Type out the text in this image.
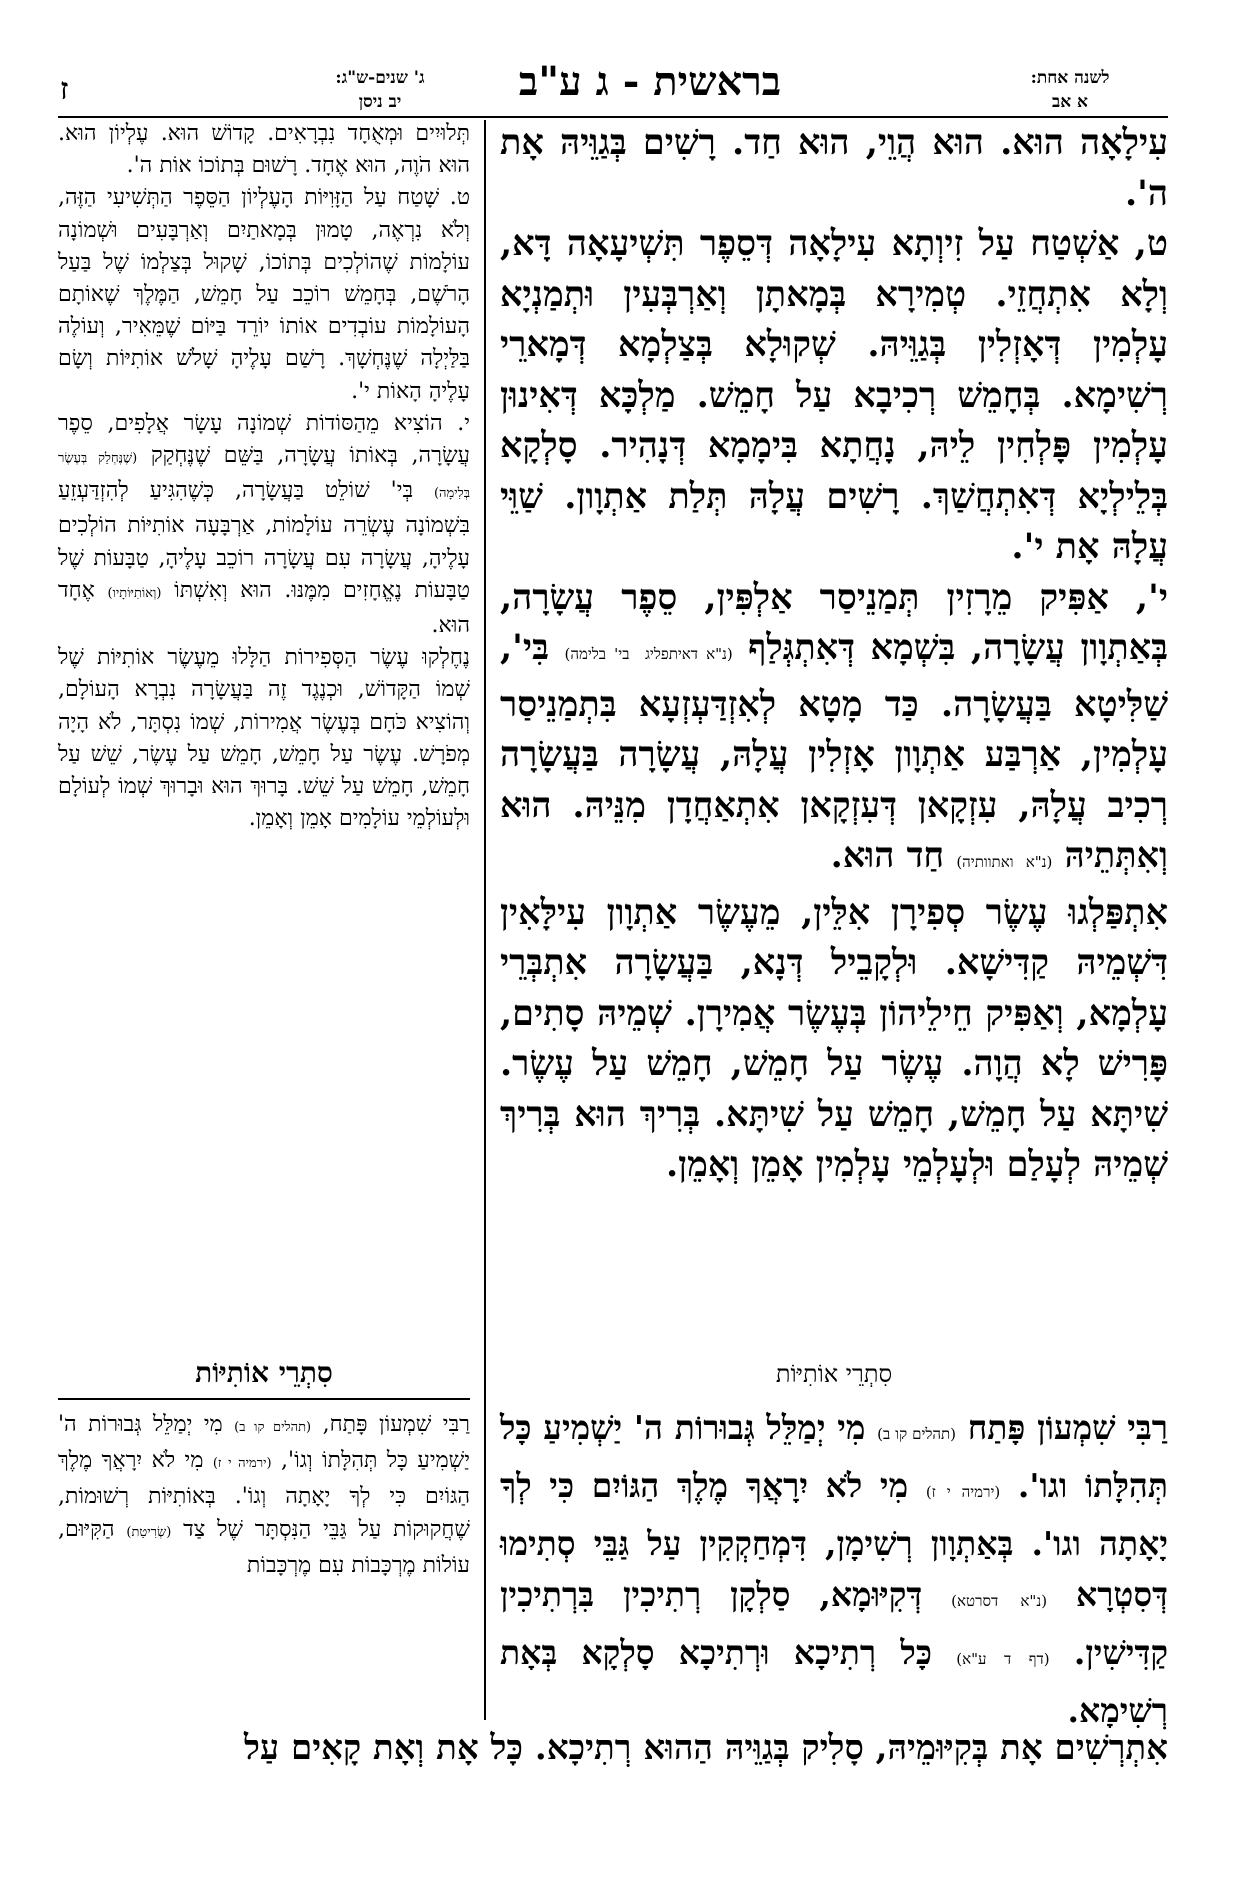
ז	ג' שנים-ש"ג:
יב ניסן	בראשית - ג ע"ב	לשנה אחת:
א אב

עִילָאָה הוּא. הוּא הֲוֵי, הוּא חַד. רָשִׁים בְּגַוֵּיהּ אָת ה'.

ט, אַשְׁטַח עַל זִיוְתָא עִילָאָה דְּסֵפֶר תִּשְׁיעָאָה דָּא, וְלָא אִתְחֲזֵי. טְמִירָא בְּמָאתָן וְאַרְבְּעִין וּתְמַנְיָא עָלְמִין דְּאָזְלִין בְּגַוֵּיהּ. שְׁקוּלָא בְּצַלְמָא דְּמָארֵי רְשִׁימָא. בְּחָמֵשׁ רְכִיבָא עַל חָמֵשׁ. מַלְכָּא דְּאִינוּן עָלְמִין פָּלְחִין לֵיהּ, נָחֲתָא בִּימָמָא דְּנָהִיר. סָלְקָא בְּלֵילְיָא דְּאִתְחֲשַׁךְ. רָשִׁים עֲלָהּ תְּלַת אַתְוָון. שַׁוֵּי עֲלָהּ אָת י'.

י', אַפִּיק מֵרָזִין תְּמַנֵיסַר אַלְפִּין, סֵפֶר עֲשָׂרָה, בְּאַתְוָון עֲשָׂרָה, בִּשְׁמָא דְּאִתְגְּלַף (נ"א דאיתפליג בי' בלימה) בִּי', שַׁלִּיטָא בַּעֲשָׂרָה. כַּד מָטָא לְאִזְדַּעְזְעָא בִּתְמַנֵיסַר עָלְמִין, אַרְבַּע אַתְוָון אָזְלִין עֲלָהּ, עֲשָׂרָה בַּעֲשָׂרָה רְכִיב עֲלָהּ, עִזְקָאן דְּעִזְקָאן אִתְאַחֲדָן מִנֵּיהּ. הוּא וְאִתְּתֵיהּ (נ"א ואתוותיה) חַד הוּא.

אִתְפַּלְגוּ עֶשֶׂר סְפִירָן אִלֵּין, מֵעֶשֶׂר אַתְוָון עִילָּאִין דִּשְׁמֵיהּ קַדִּישָׁא. וּלְקָבֵיל דְּנָא, בַּעֲשָׂרָה אִתְבְּרֵי עָלְמָא, וְאַפִּיק חֵילֵיהוֹן בְּעֶשֶׂר אֲמִירָן. שְׁמֵיהּ סָתִים, פָּרִישׁ לָא הֲוָה. עֶשֶׂר עַל חָמֵשׁ, חָמֵשׁ עַל עֶשֶׂר. שִׁיתָּא עַל חָמֵשׁ, חָמֵשׁ עַל שִׁיתָּא. בְּרִיךְ הוּא בְּרִיךְ שְׁמֵיהּ לְעָלַם וּלְעָלְמֵי עָלְמִין אָמֵן וְאָמֵן.

תְּלוּיִים וּמְאֻחָד נִבְרָאִים. קָדוֹשׁ הוּא. עֶלְיוֹן הוּא. הוּא הֹוֶה, הוּא אֶחָד. רָשׁוּם בְּתוֹכוֹ אוֹת ה'.

ט. שָׁטַח עַל הַזָּוִיּוֹת הָעֶלְיוֹן הַסֵּפֶר הַתְּשִׁיעִי הַזֶּה, וְלֹא נִרְאֶה, טָמוּן בְּמָאתַיִם וְאַרְבָּעִים וּשְׁמוֹנָה עוֹלָמוֹת שֶׁהוֹלְכִים בְּתוֹכוֹ, שָׁקוּל בְּצַלְמוֹ שֶׁל בַּעַל הָרֹשֶׁם, בְּחָמֵשׁ רוֹכֵב עַל חָמֵשׁ, הַמֶּלֶךְ שֶׁאוֹתָם הָעוֹלָמוֹת עוֹבְדִים אוֹתוֹ יוֹרֵד בַּיּוֹם שֶׁמֵּאִיר, וְעוֹלֶה בַּלַּיְלָה שֶׁנֶּחְשָׁךְ. רָשַׁם עָלֶיהָ שָׁלֹשׁ אוֹתִיּוֹת וְשָׂם עָלֶיהָ הָאוֹת י'.

י. הוֹצִיא מֵהַסּוֹדוֹת שְׁמוֹנָה עָשָׂר אֲלָפִים, סֵפֶר עֲשָׂרָה, בְּאוֹתוֹ עֲשָׂרָה, בַּשֵּׁם שֶׁנֶּחְקַק (שֶׁנֶּחְלַק בְּעֶשֶׂר בְּלִימָה) בְּי' שׁוֹלֵט בַּעֲשָׂרָה, כְּשֶׁהִגִּיעַ לְהִזְדַּעְזֵעַ בִּשְׁמוֹנָה עֶשְׂרֵה עוֹלָמוֹת, אַרְבָּעָה אוֹתִיּוֹת הוֹלְכִים עָלֶיהָ, עֲשָׂרָה עִם עֲשָׂרָה רוֹכֵב עָלֶיהָ, טַבָּעוֹת שֶׁל טַבָּעוֹת נֶאֱחָזִים מִמֶּנּוּ. הוּא וְאִשְׁתּוֹ (וְאוֹתִיּוֹתָיו) אֶחָד הוּא.

נֶחֶלְקוּ עֶשֶׂר הַסְּפִירוֹת הַלָּלוּ מֵעֶשֶׂר אוֹתִיּוֹת שֶׁל שְׁמוֹ הַקָּדוֹשׁ, וּכְנֶגֶד זֶה בַּעֲשָׂרָה נִבְרָא הָעוֹלָם, וְהוֹצִיא כֹּחָם בְּעֶשֶׂר אֲמִירוֹת, שְׁמוֹ נִסְתָּר, לֹא הָיָה מְפֹרָשׁ. עֶשֶׂר עַל חָמֵשׁ, חָמֵשׁ עַל עֶשֶׂר, שֵׁשׁ עַל חָמֵשׁ, חָמֵשׁ עַל שֵׁשׁ. בָּרוּךְ הוּא וּבָרוּךְ שְׁמוֹ לְעוֹלָם וּלְעוֹלְמֵי עוֹלָמִים אָמֵן וְאָמֵן.

סִתְרֵי אוֹתִיּוֹת
סִתְרֵי אוֹתִיּוֹת

רַבִּי שִׁמְעוֹן פָּתַח (תהלים קו ב) מִי יְמַלֵּל גְּבוּרוֹת ה' יַשְׁמִיעַ כָּל תְּהִלָּתוֹ וגו'. (ירמיה י ז) מִי לֹא יִרָאֲךָ מֶלֶךְ הַגּוֹיִם כִּי לְךָ יָאָתָה וגו'. בְּאַתְוָון רְשִׁימָן, דִּמְחַקְקִין עַל גַּבֵּי סְתִימוּ דְּסִטְרָא (נ"א דסרטא) דְּקִיּוּמָא, סַלְקָן רְתִיכִין בִּרְתִיכִין קַדִּישִׁין. (דף ד ע"א) כָּל רְתִיכָא וּרְתִיכָא סָלְקָא בְּאָת רְשִׁימָא.

רַבִּי שִׁמְעוֹן פָּתַח, (תהלים קו ב) מִי יְמַלֵּל גְּבוּרוֹת ה' יַשְׁמִיעַ כָּל תְּהִלָּתוֹ וְגוֹ', (ירמיה י ז) מִי לֹא יִרָאֲךָ מֶלֶךְ הַגּוֹיִם כִּי לְךָ יָאָתָה וְגוֹ'. בְּאוֹתִיּוֹת רְשׁוּמוֹת, שֶׁחֲקוּקוֹת עַל גַּבֵּי הַנִּסְתָּר שֶׁל צַד (שְׂרִיטַת) הַקִּיּוּם, עוֹלוֹת מֶרְכָּבוֹת עִם מֶרְכָּבוֹת

אִתְרְשִׁים אָת בְּקִיּוּמֵיהּ, סָלִיק בְּגַוֵּיהּ הַהוּא רְתִיכָא. כָּל אָת וְאָת קָאִים עַל
